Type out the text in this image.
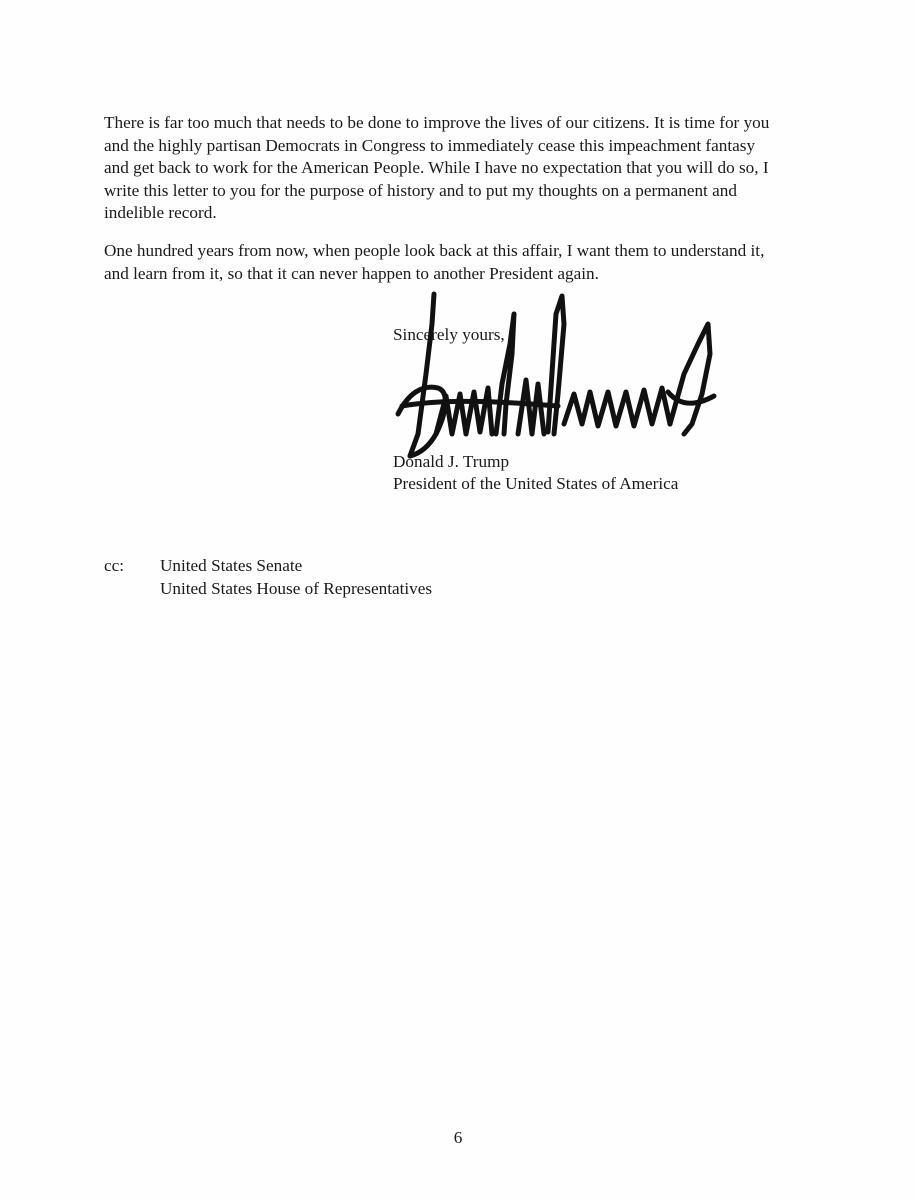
There is far too much that needs to be done to improve the lives of our citizens. It is time for you
and the highly partisan Democrats in Congress to immediately cease this impeachment fantasy
and get back to work for the American People. While I have no expectation that you will do so, I
write this letter to you for the purpose of history and to put my thoughts on a permanent and
indelible record.

One hundred years from now, when people look back at this affair, I want them to understand it,
and learn from it, so that it can never happen to another President again.

Sincerely yours,
Donald J. Trump
President of the United States of America
cc: United States Senate
United States House of Representatives
6
